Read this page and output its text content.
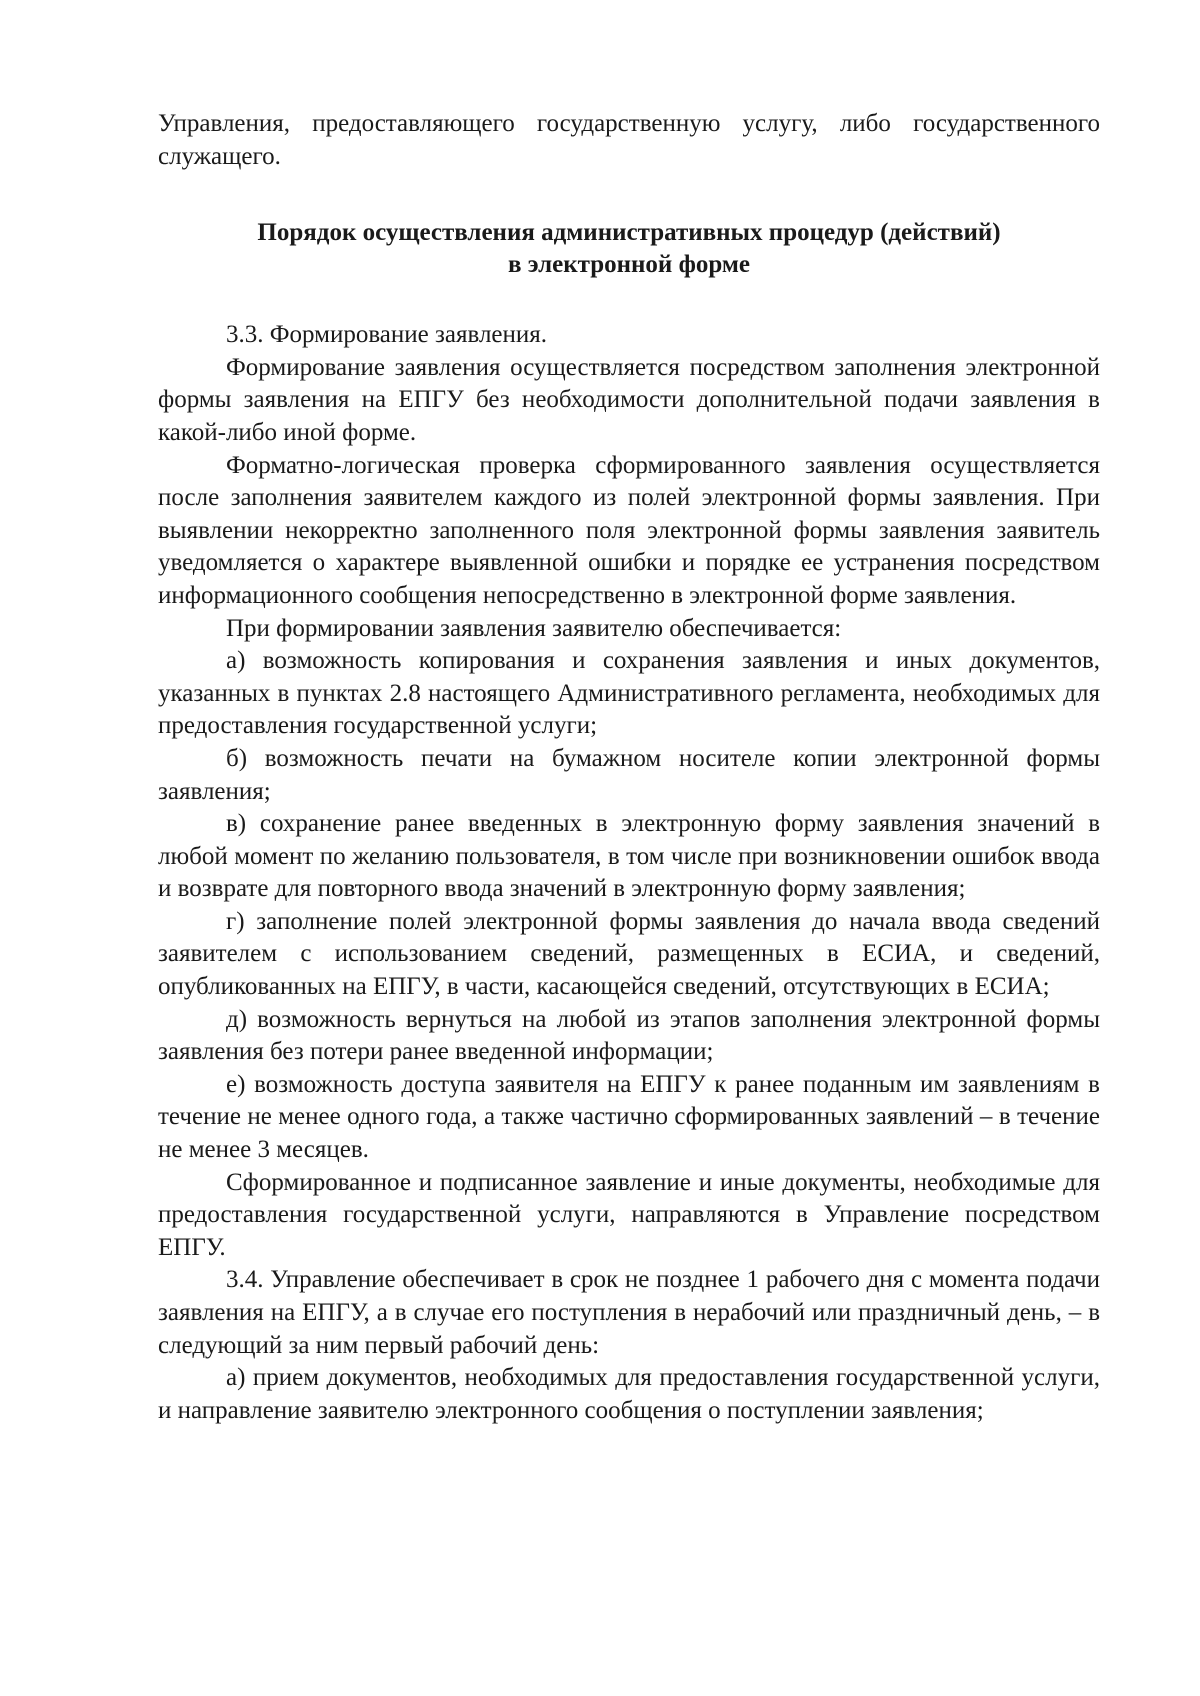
Управления, предоставляющего государственную услугу, либо государственного служащего.

Порядок осуществления административных процедур (действий)
в электронной форме

3.3. Формирование заявления.

Формирование заявления осуществляется посредством заполнения электронной формы заявления на ЕПГУ без необходимости дополнительной подачи заявления в какой-либо иной форме.

Форматно-логическая проверка сформированного заявления осуществляется после заполнения заявителем каждого из полей электронной формы заявления. При выявлении некорректно заполненного поля электронной формы заявления заявитель уведомляется о характере выявленной ошибки и порядке ее устранения посредством информационного сообщения непосредственно в электронной форме заявления.

При формировании заявления заявителю обеспечивается:

а) возможность копирования и сохранения заявления и иных документов, указанных в пунктах 2.8 настоящего Административного регламента, необходимых для предоставления государственной услуги;

б) возможность печати на бумажном носителе копии электронной формы заявления;

в) сохранение ранее введенных в электронную форму заявления значений в любой момент по желанию пользователя, в том числе при возникновении ошибок ввода и возврате для повторного ввода значений в электронную форму заявления;

г) заполнение полей электронной формы заявления до начала ввода сведений заявителем с использованием сведений, размещенных в ЕСИА, и сведений, опубликованных на ЕПГУ, в части, касающейся сведений, отсутствующих в ЕСИА;

д) возможность вернуться на любой из этапов заполнения электронной формы заявления без потери ранее введенной информации;

е) возможность доступа заявителя на ЕПГУ к ранее поданным им заявлениям в течение не менее одного года, а также частично сформированных заявлений – в течение не менее 3 месяцев.

Сформированное и подписанное заявление и иные документы, необходимые для предоставления государственной услуги, направляются в Управление посредством ЕПГУ.

3.4. Управление обеспечивает в срок не позднее 1 рабочего дня с момента подачи заявления на ЕПГУ, а в случае его поступления в нерабочий или праздничный день, – в следующий за ним первый рабочий день:

а) прием документов, необходимых для предоставления государственной услуги, и направление заявителю электронного сообщения о поступлении заявления;
